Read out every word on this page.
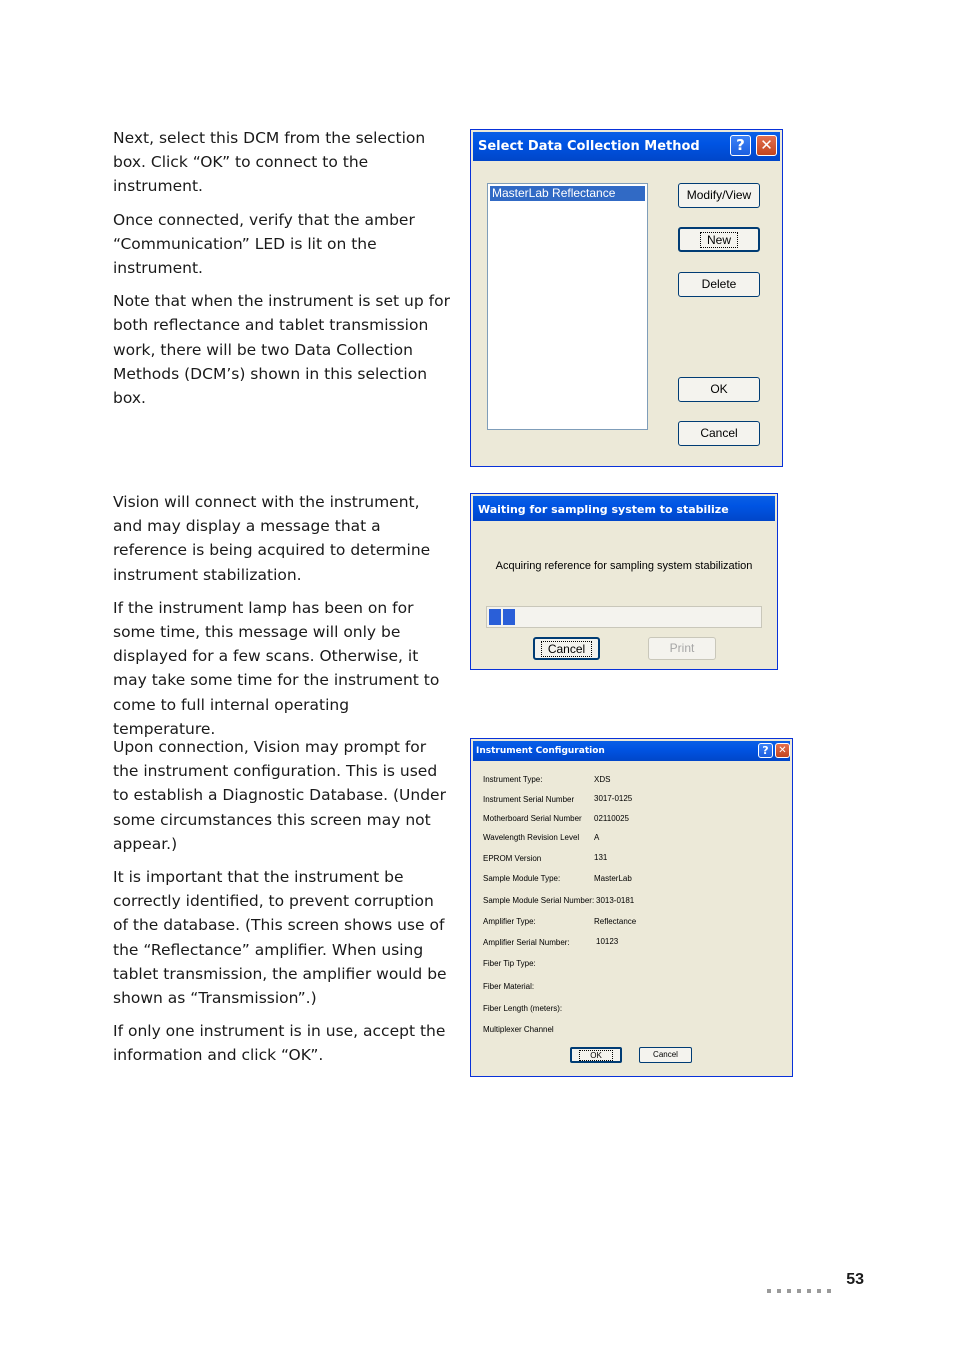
Next, select this DCM from the selection box. Click “OK” to connect to the instrument.

Once connected, verify that the amber “Communication” LED is lit on the instrument.

Note that when the instrument is set up for both reflectance and tablet transmission work, there will be two Data Collection Methods (DCM’s) shown in this selection box.

Select Data Collection Method	?	✕
MasterLab Reflectance	Modify/View
New
Delete
OK
Cancel

Vision will connect with the instrument, and may display a message that a reference is being acquired to determine instrument stabilization.

If the instrument lamp has been on for some time, this message will only be displayed for a few scans. Otherwise, it may take some time for the instrument to come to full internal operating temperature.

Waiting for sampling system to stabilize
Acquiring reference for sampling system stabilization
Cancel	Print

Upon connection, Vision may prompt for the instrument configuration. This is used to establish a Diagnostic Database. (Under some circumstances this screen may not appear.)

It is important that the instrument be correctly identified, to prevent corruption of the database. (This screen shows use of the “Reflectance” amplifier. When using tablet transmission, the amplifier would be shown as “Transmission”.)

If only one instrument is in use, accept the information and click “OK”.

Instrument Configuration	? ✕
Instrument Type:	XDS
Instrument Serial Number 3017-0125
Motherboard Serial Number 02110025
Wavelength Revision Level A
EPROM Version	131
Sample Module Type:	MasterLab
Sample Module Serial Number: 3013-0181
Amplifier Type:	Reflectance
Amplifier Serial Number:	10123
Fiber Tip Type:
Fiber Material:
Fiber Length (meters):
Multiplexer Channel
OK	Cancel
53
